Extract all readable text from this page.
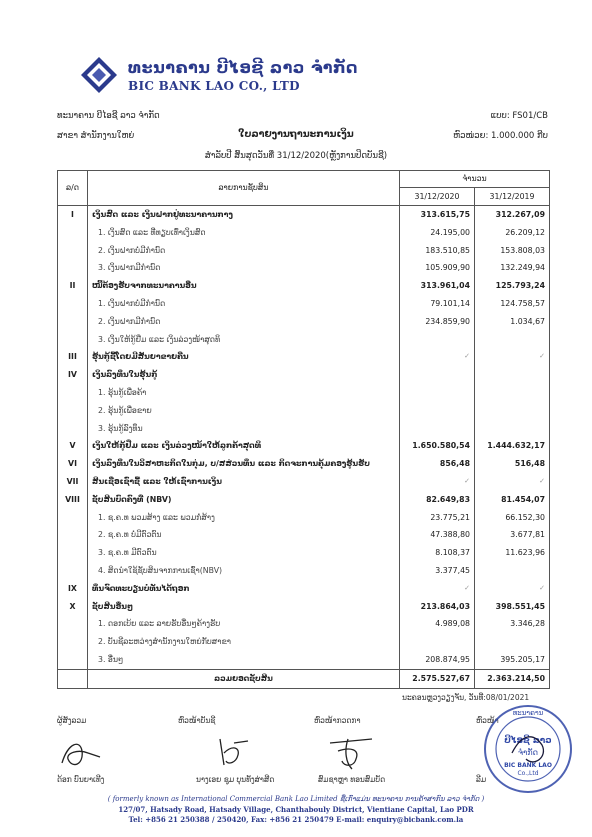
ທະນາຄານ ບີໄອຊີ ລາວ ຈຳກັດ
BIC BANK LAO CO., LTD
ທະນາຄານ ບີໄອຊີ ລາວ ຈຳກັດ	ແບບ: FS01/CB
ສາຂາ ສຳນັກງານໃຫຍ່	ໃບລາຍງານຖານະການເງິນ	ຫົວໜ່ວຍ: 1.000.000 ກີບ
ສຳລັບປີ ສິ້ນສຸດວັນທີ່ 31/12/2020(ຫຼັງການປິດບັນຊີ)
ລ/ດ	ລາຍການຊັບສິນ	ຈຳນວນ	
		31/12/2020	31/12/2019
I	ເງິນສົດ ແລະ ເງິນຝາກຢູ່ທະນາຄານກາງ	313.615,75	312.267,09
	1. ເງິນສົດ ແລະ ທີ່ທຽບເທົ່າເງິນສົດ	24.195,00	26.209,12
	2. ເງິນຝາກບໍ່ມີກຳນົດ	183.510,85	153.808,03
	3. ເງິນຝາກມີກຳນົດ	105.909,90	132.249,94
II	ໜີ້ຕ້ອງຮັບຈາກທະນາຄານອື່ນ	313.961,04	125.793,24
	1. ເງິນຝາກບໍ່ມີກຳນົດ	79.101,14	124.758,57
	2. ເງິນຝາກມີກຳນົດ	234.859,90	1.034,67
	3. ເງິນໃຫ້ກູ້ຢືມ ແລະ ເງິນລ່ວງໜ້າສຸດທິ		
III	ຮຸ້ນກູ້ຊື້ໂດຍມີສັນຍາຂາຍຄືນ	✓	✓
IV	ເງິນລົງທຶນໃນຮຸ້ນກູ້		
	1. ຮຸ້ນກູ້ເພື່ອຄ້າ		
	2. ຮຸ້ນກູ້ເພື່ອຂາຍ		
	3. ຮຸ້ນກູ້ລົງທຶນ		
V	ເງິນໃຫ້ກູ້ຢືມ ແລະ ເງິນລ່ວງໜ້າໃຫ້ລູກຄ້າສຸດທິ	1.650.580,54	1.444.632,17
VI	ເງິນລົງທຶນໃນວິສາຫະກິດໃນກຸ່ມ, ບ/ສສ່ວນທຶນ ແລະ ກິດຈະການຄຸ້ມຄອງຮູ້ນຮັບ	856,48	516,48
VII	ສິນເຊື່ອເຊົ່າຊື້ ແລະ ໃຫ້ເຊົ່າການເງິນ	✓	✓
VIII	ຊັບສິນບົດຄົງທີ່ (NBV)	82.649,83	81.454,07
	1. ຊ.ຄ.ທ ພວມສ້າງ ແລະ ພວມກໍ່ສ້າງ	23.775,21	66.152,30
	2. ຊ.ຄ.ທ ບໍ່ມີຕົວຕົນ	47.388,80	3.677,81
	3. ຊ.ຄ.ທ ມີຕົວຕົນ	8.108,37	11.623,96
	4. ສິດນຳໃຊ້ຊັບສິນຈາກການເຊົ່າ(NBV)	3.377,45	
IX	ທຶນຈົດທະບຽນບໍ່ທັນໄດ້ຖອກ	✓	✓
X	ຊັບສິນອື່ນໆ	213.864,03	398.551,45
	1. ດອກເບ້ຍ ແລະ ລາຍຮັບອື່ນໆຄ້າງຮັບ	4.989,08	3.346,28
	2. ບັນຊີລະຫວ່າງສຳນັກງານໃຫຍ່ກັບສາຂາ		
	3. ອື່ນໆ	208.874,95	395.205,17
	ລວມຍອດຊັບສິນ	2.575.527,67	2.363.214,50
ນະຄອນຫຼວງວຽງຈັນ, ວັນທີ່:08/01/2021
ຜູ້ສັງລວມ	ຫົວໜ້າບັນຊີ	ຫົວໜ້າກວດກາ	ຫົວໜ້າ
ດ້ອກ ບົນຍາເທີງ	ນາງເອຍ ຊຸມ ບຸນທັງສ່າສີດ	ສົມຊາຫຼາ ທອນສົມບັດ	ລີມ
ທະນາຄານ
ບີໄອຊີ ລາວ
ຈຳກັດ
BIC BANK LAO
Co.,Ltd
( formerly known as International Commercial Bank Lao Limited ຊື່ເກົ່າແມ່ນ ທະນາຄານ ການຄ້າສາກົນ ລາວ ຈຳກັດ )
127/07, Hatsady Road, Hatsady Village, Chanthabouly District, Vientiane Capital, Lao PDR
Tel: +856 21 250388 / 250420, Fax: +856 21 250479 E-mail: enquiry@bicbank.com.la
